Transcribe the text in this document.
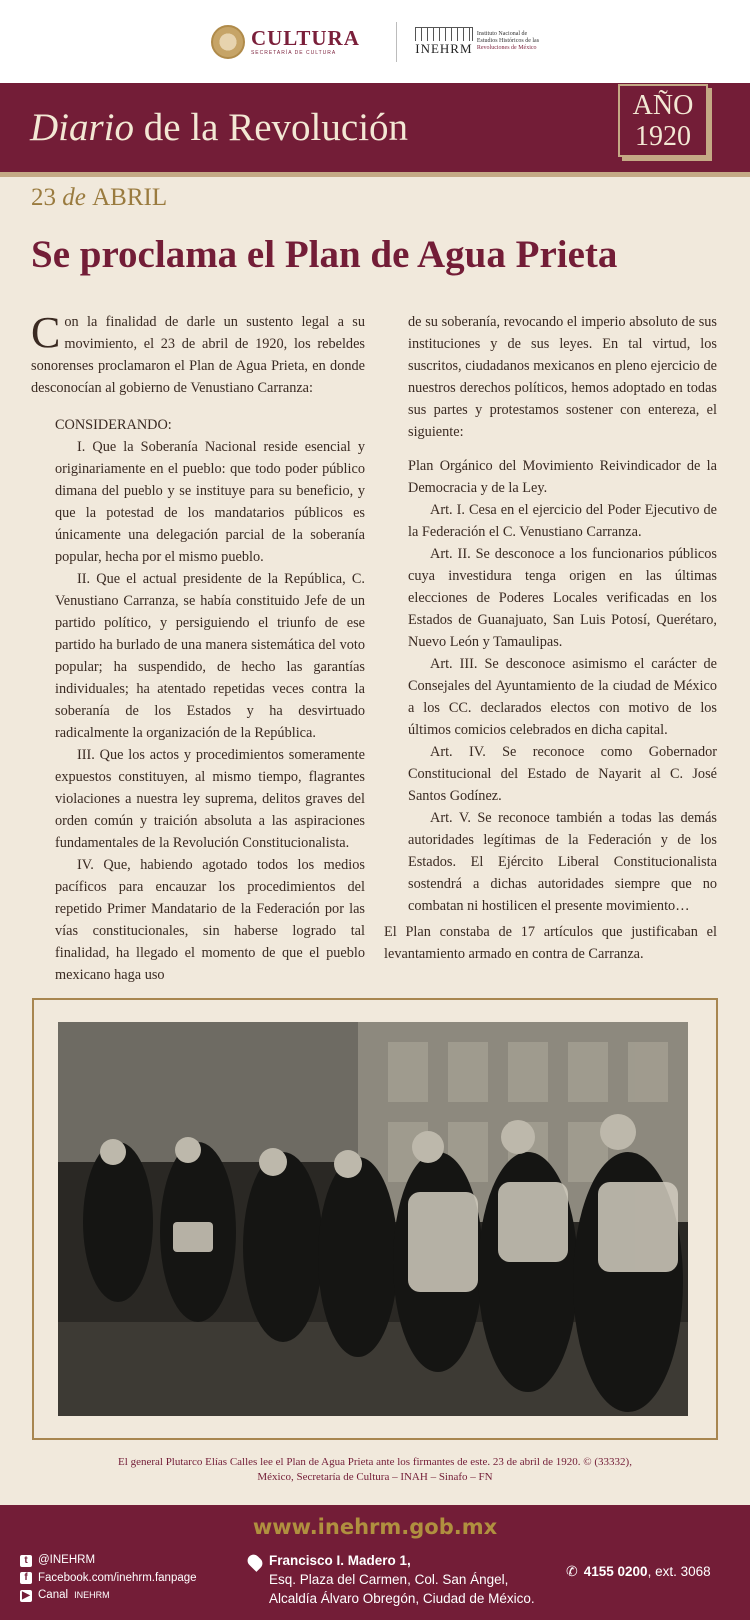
CULTURA
SECRETARÍA DE CULTURA	INEHRM
Instituto Nacional de
Estudios Históricos de las
Revoluciones de México
Diario de la Revolución
AÑO
1920
23 de ABRIL
Se proclama el Plan de Agua Prieta

Con la finalidad de darle un sustento legal a su movimiento, el 23 de abril de 1920, los rebeldes sonorenses proclamaron el Plan de Agua Prieta, en donde desconocían al gobierno de Venustiano Carranza:

CONSIDERANDO:

I. Que la Soberanía Nacional reside esencial y originariamente en el pueblo: que todo poder público dimana del pueblo y se instituye para su beneficio, y que la potestad de los mandatarios públicos es únicamente una delegación parcial de la soberanía popular, hecha por el mismo pueblo.

II. Que el actual presidente de la República, C. Venustiano Carranza, se había constituido Jefe de un partido político, y persiguiendo el triunfo de ese partido ha burlado de una manera sistemática del voto popular; ha suspendido, de hecho las garantías individuales; ha atentado repetidas veces contra la soberanía de los Estados y ha desvirtuado radicalmente la organización de la República.

III. Que los actos y procedimientos someramente expuestos constituyen, al mismo tiempo, flagrantes violaciones a nuestra ley suprema, delitos graves del orden común y traición absoluta a las aspiraciones fundamentales de la Revolución Constitucionalista.

IV. Que, habiendo agotado todos los medios pacíficos para encauzar los procedimientos del repetido Primer Mandatario de la Federación por las vías constitucionales, sin haberse logrado tal finalidad, ha llegado el momento de que el pueblo mexicano haga uso

de su soberanía, revocando el imperio absoluto de sus instituciones y de sus leyes. En tal virtud, los suscritos, ciudadanos mexicanos en pleno ejercicio de nuestros derechos políticos, hemos adoptado en todas sus partes y protestamos sostener con entereza, el siguiente:

Plan Orgánico del Movimiento Reivindicador de la Democracia y de la Ley.

Art. I. Cesa en el ejercicio del Poder Ejecutivo de la Federación el C. Venustiano Carranza.

Art. II. Se desconoce a los funcionarios públicos cuya investidura tenga origen en las últimas elecciones de Poderes Locales verificadas en los Estados de Guanajuato, San Luis Potosí, Querétaro, Nuevo León y Tamaulipas.

Art. III. Se desconoce asimismo el carácter de Consejales del Ayuntamiento de la ciudad de México a los CC. declarados electos con motivo de los últimos comicios celebrados en dicha capital.

Art. IV. Se reconoce como Gobernador Constitucional del Estado de Nayarit al C. José Santos Godínez.

Art. V. Se reconoce también a todas las demás autoridades legítimas de la Federación y de los Estados. El Ejército Liberal Constitucionalista sostendrá a dichas autoridades siempre que no combatan ni hostilicen el presente movimiento…

El Plan constaba de 17 artículos que justificaban el levantamiento armado en contra de Carranza.

El general Plutarco Elías Calles lee el Plan de Agua Prieta ante los firmantes de este. 23 de abril de 1920. © (33332),
México, Secretaría de Cultura – INAH – Sinafo – FN
www.inehrm.gob.mx
t @INEHRM
f Facebook.com/inehrm.fanpage
▶ Canal INEHRM
Francisco I. Madero 1,
Esq. Plaza del Carmen, Col. San Ángel,
Alcaldía Álvaro Obregón, Ciudad de México.
✆ 4155 0200, ext. 3068
